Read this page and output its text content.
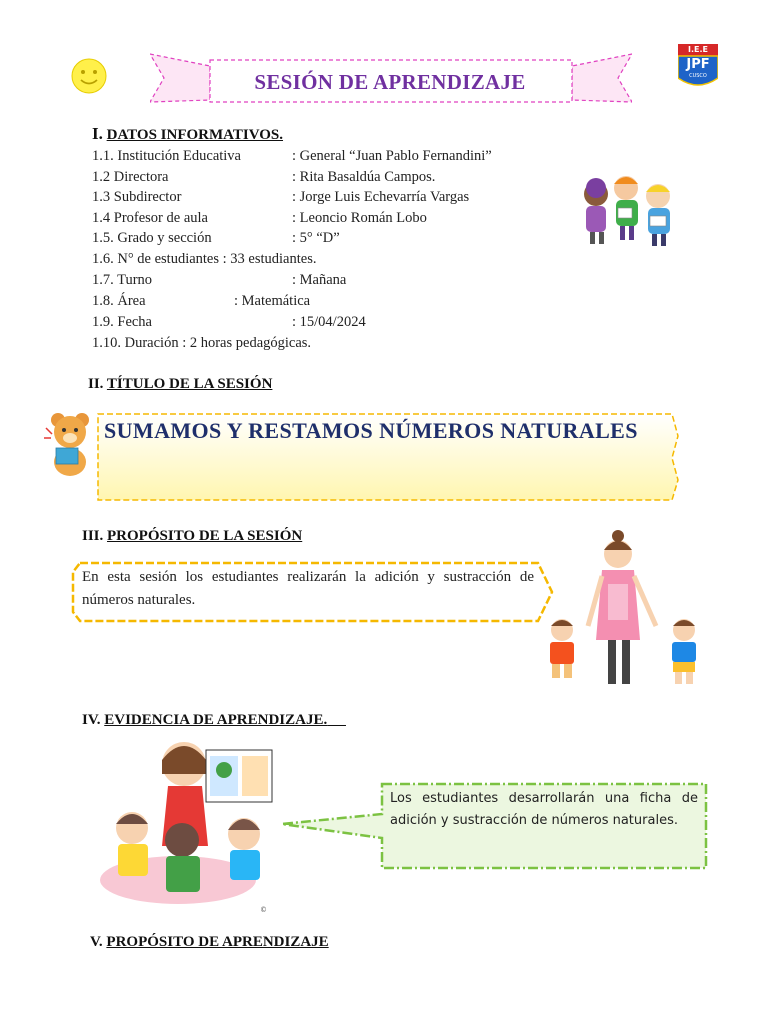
SESIÓN DE APRENDIZAJE
I.E.E
JPF
CUSCO
I. DATOS INFORMATIVOS.
1.1. Institución Educativa	: General “Juan Pablo Fernandini”
1.2 Directora	: Rita Basaldúa Campos.
1.3 Subdirector	: Jorge Luis Echevarría Vargas
1.4 Profesor de aula	: Leoncio Román Lobo
1.5. Grado y sección	: 5° “D”
1.6. N° de estudiantes : 33 estudiantes.
1.7. Turno	: Mañana
1.8. Área	: Matemática
1.9. Fecha	: 15/04/2024
1.10. Duración : 2 horas pedagógicas.
II. TÍTULO DE LA SESIÓN
SUMAMOS Y RESTAMOS NÚMEROS NATURALES
III. PROPÓSITO DE LA SESIÓN
En esta sesión los estudiantes realizarán la adición y sustracción de números naturales.
IV. EVIDENCIA DE APRENDIZAJE.
©
Los estudiantes desarrollarán una ficha de adición y sustracción de números naturales.
V. PROPÓSITO DE APRENDIZAJE
